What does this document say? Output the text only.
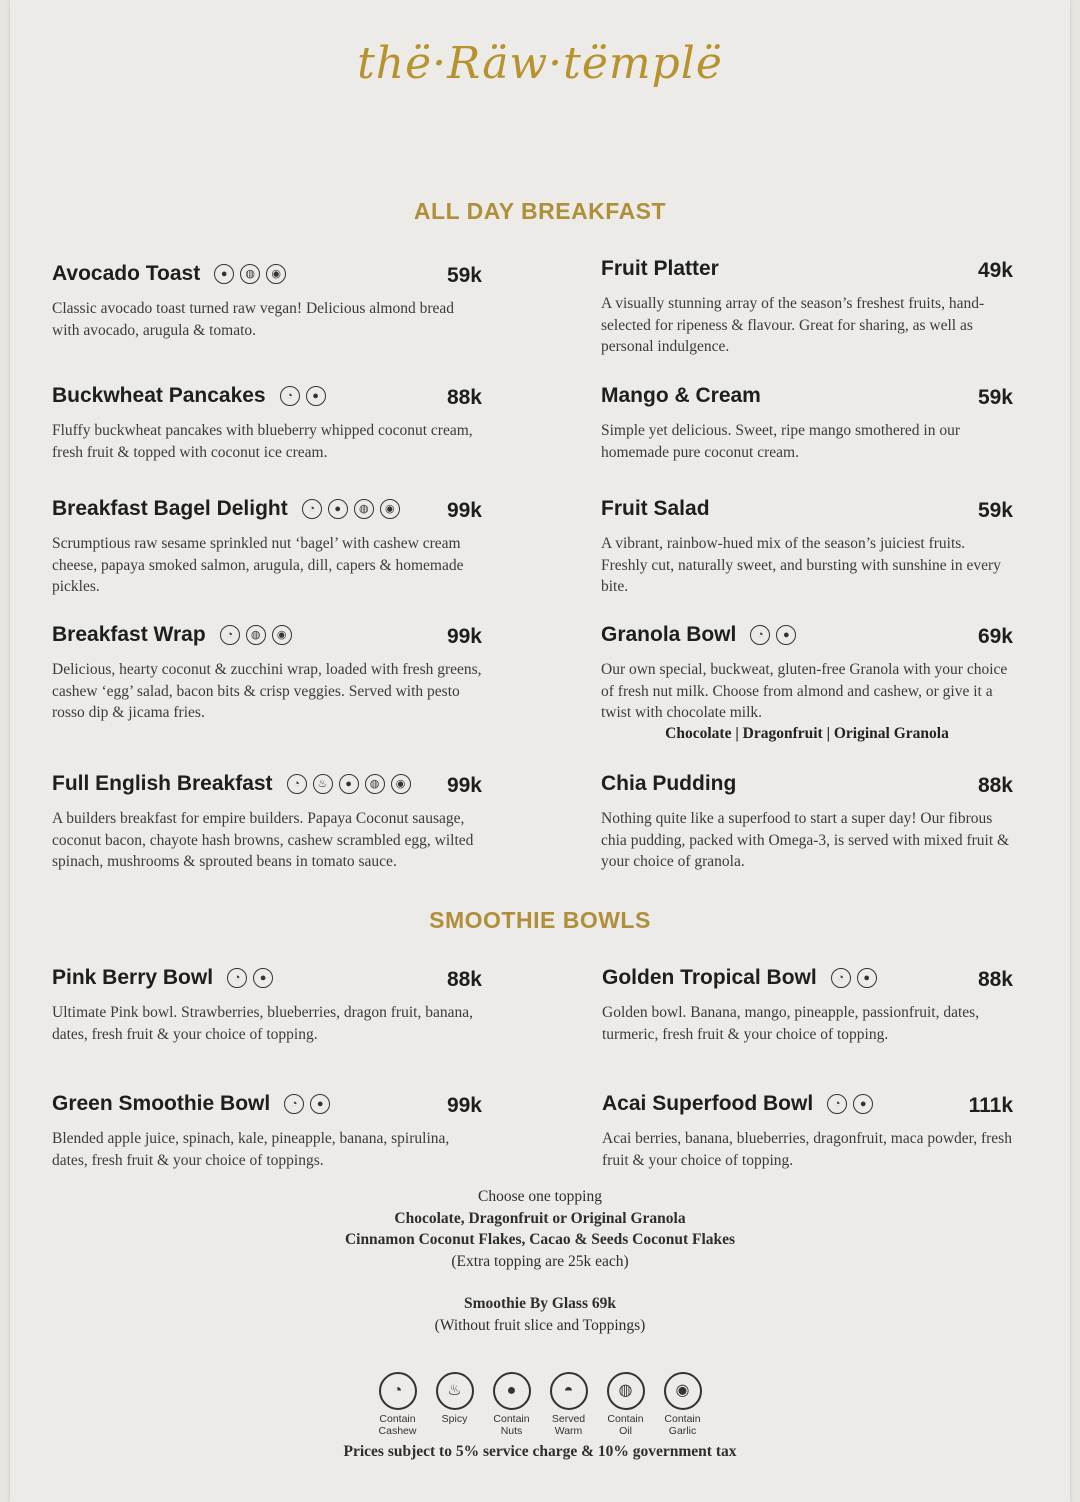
thë·Räw·tëmplë
ALL DAY BREAKFAST
Avocado Toast	●	◍	◉	59k
Classic avocado toast turned raw vegan! Delicious almond bread with avocado, arugula & tomato.
Buckwheat Pancakes	◔	●	88k
Fluffy buckwheat pancakes with blueberry whipped coconut cream, fresh fruit & topped with coconut ice cream.
Breakfast Bagel Delight	◔	●	◍	◉ 99k
Scrumptious raw sesame sprinkled nut ‘bagel’ with cashew cream cheese, papaya smoked salmon, arugula, dill, capers & homemade pickles.
Breakfast Wrap	◔	◍	◉	99k
Delicious, hearty coconut & zucchini wrap, loaded with fresh greens, cashew ‘egg’ salad, bacon bits & crisp veggies. Served with pesto rosso dip & jicama fries.
Full English Breakfast	◔	♨	●	◍	◉ 99k
A builders breakfast for empire builders. Papaya Coconut sausage, coconut bacon, chayote hash browns, cashew scrambled egg, wilted spinach, mushrooms & sprouted beans in tomato sauce.
Fruit Platter	49k
A visually stunning array of the season’s freshest fruits, hand-selected for ripeness & flavour. Great for sharing, as well as personal indulgence.
Mango & Cream	59k
Simple yet delicious. Sweet, ripe mango smothered in our homemade pure coconut cream.
Fruit Salad	59k
A vibrant, rainbow-hued mix of the season’s juiciest fruits. Freshly cut, naturally sweet, and bursting with sunshine in every bite.
Granola Bowl	◔	●	69k
Our own special, buckweat, gluten-free Granola with your choice of fresh nut milk. Choose from almond and cashew, or give it a twist with chocolate milk.
Chocolate | Dragonfruit | Original Granola
Chia Pudding	88k
Nothing quite like a superfood to start a super day! Our fibrous chia pudding, packed with Omega-3, is served with mixed fruit & your choice of granola.
SMOOTHIE BOWLS
Pink Berry Bowl	◔	●	88k
Ultimate Pink bowl. Strawberries, blueberries, dragon fruit, banana, dates, fresh fruit & your choice of topping.
Green Smoothie Bowl	◔	●	99k
Blended apple juice, spinach, kale, pineapple, banana, spirulina, dates, fresh fruit & your choice of toppings.
Golden Tropical Bowl	◔	●	88k
Golden bowl. Banana, mango, pineapple, passionfruit, dates, turmeric, fresh fruit & your choice of topping.
Acai Superfood Bowl	◔	●	111k
Acai berries, banana, blueberries, dragonfruit, maca powder, fresh fruit & your choice of topping.
Choose one topping
Chocolate, Dragonfruit or Original Granola
Cinnamon Coconut Flakes, Cacao & Seeds Coconut Flakes
(Extra topping are 25k each)
Smoothie By Glass 69k
(Without fruit slice and Toppings)
◔
Contain Cashew
♨
Spicy
●
Contain Nuts
◓
Served Warm
◍
Contain Oil
◉
Contain Garlic
Prices subject to 5% service charge & 10% government tax
